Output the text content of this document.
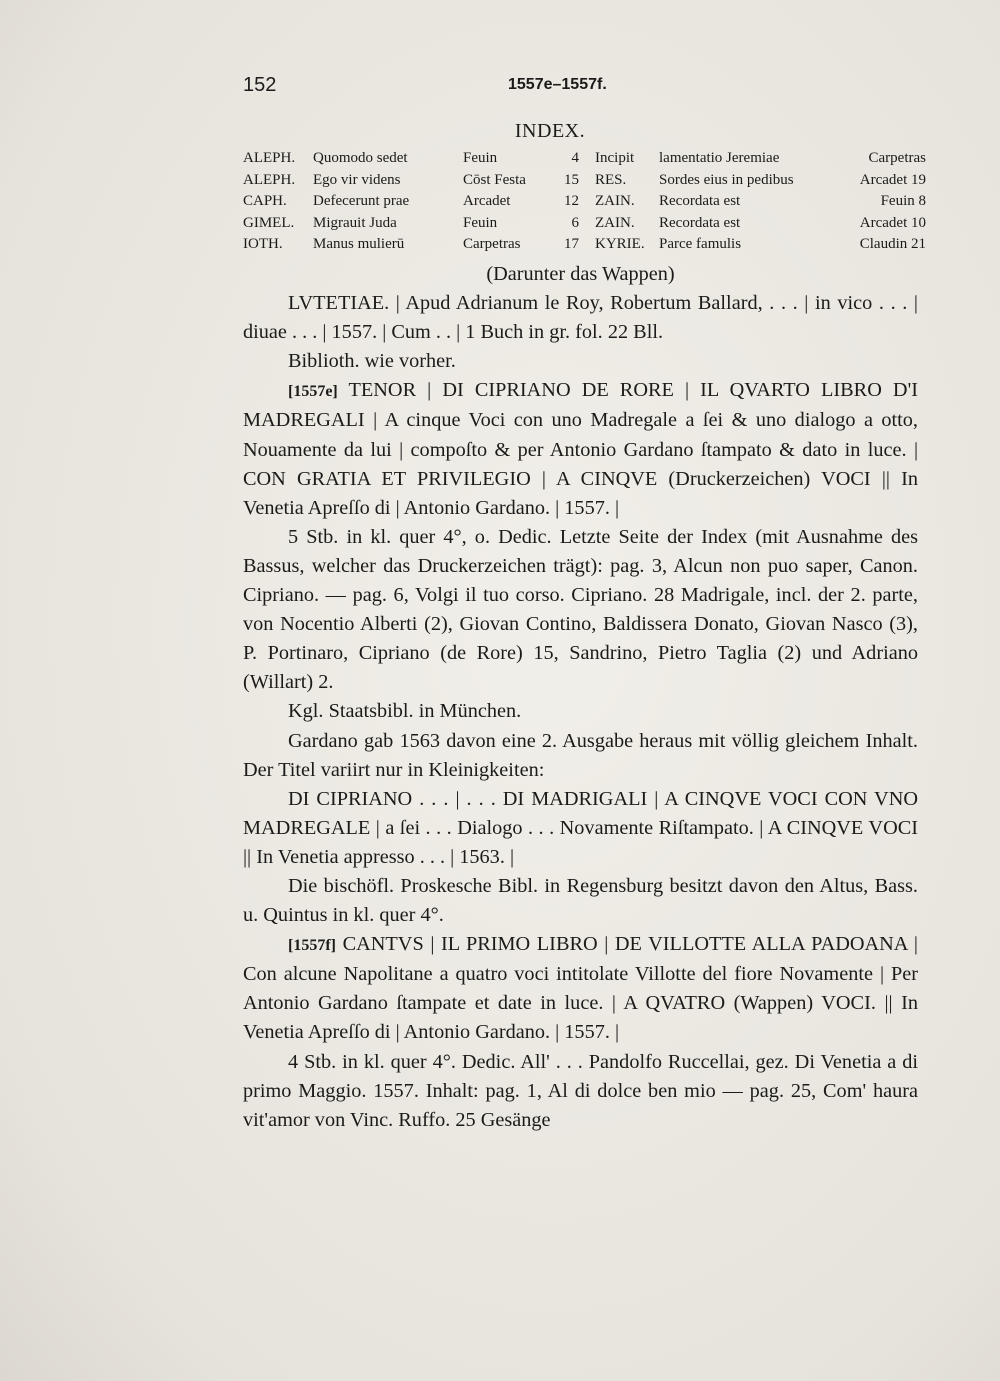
152	1557e–1557f.
INDEX.
ALEPH.	Quomodo sedet	Feuin	4	Incipit	lamentatio Jeremiae	Carpetras
ALEPH.	Ego vir videns	Cōst Festa	15	RES.	Sordes eius in pedibus	Arcadet 19
CAPH.	Defecerunt prae	Arcadet	12	ZAIN.	Recordata est	Feuin 8
GIMEL.	Migrauit Juda	Feuin	6	ZAIN.	Recordata est	Arcadet 10
IOTH.	Manus mulierū	Carpetras	17	KYRIE.	Parce famulis	Claudin 21

(Darunter das Wappen)

LVTETIAE. | Apud Adrianum le Roy, Robertum Ballard, . . . | in vico . . . | diuae . . . | 1557. | Cum . . | 1 Buch in gr. fol. 22 Bll.

Biblioth. wie vorher.

[1557e] TENOR | DI CIPRIANO DE RORE | IL QVARTO LIBRO D'I MADREGALI | A cinque Voci con uno Madregale a ſei & uno dialogo a otto, Nouamente da lui | compoſto & per Antonio Gardano ſtampato & dato in luce. | CON GRATIA ET PRIVILEGIO | A CINQVE (Druckerzeichen) VOCI || In Venetia Apreſſo di | Antonio Gardano. | 1557. |

5 Stb. in kl. quer 4°, o. Dedic. Letzte Seite der Index (mit Ausnahme des Bassus, welcher das Druckerzeichen trägt): pag. 3, Alcun non puo saper, Canon. Cipriano. — pag. 6, Volgi il tuo corso. Cipriano. 28 Madrigale, incl. der 2. parte, von Nocentio Alberti (2), Giovan Contino, Baldissera Donato, Giovan Nasco (3), P. Portinaro, Cipriano (de Rore) 15, Sandrino, Pietro Taglia (2) und Adriano (Willart) 2.

Kgl. Staatsbibl. in München.

Gardano gab 1563 davon eine 2. Ausgabe heraus mit völlig gleichem Inhalt. Der Titel variirt nur in Kleinigkeiten:

DI CIPRIANO . . . | . . . DI MADRIGALI | A CINQVE VOCI CON VNO MADREGALE | a ſei . . . Dialogo . . . Novamente Riſtampato. | A CINQVE VOCI || In Venetia appresso . . . | 1563. |

Die bischöfl. Proskesche Bibl. in Regensburg besitzt davon den Altus, Bass. u. Quintus in kl. quer 4°.

[1557f] CANTVS | IL PRIMO LIBRO | DE VILLOTTE ALLA PADOANA | Con alcune Napolitane a quatro voci intitolate Villotte del fiore Novamente | Per Antonio Gardano ſtampate et date in luce. | A QVATRO (Wappen) VOCI. || In Venetia Apreſſo di | Antonio Gardano. | 1557. |

4 Stb. in kl. quer 4°. Dedic. All' . . . Pandolfo Ruccellai, gez. Di Venetia a di primo Maggio. 1557. Inhalt: pag. 1, Al di dolce ben mio — pag. 25, Com' haura vit'amor von Vinc. Ruffo. 25 Gesänge
